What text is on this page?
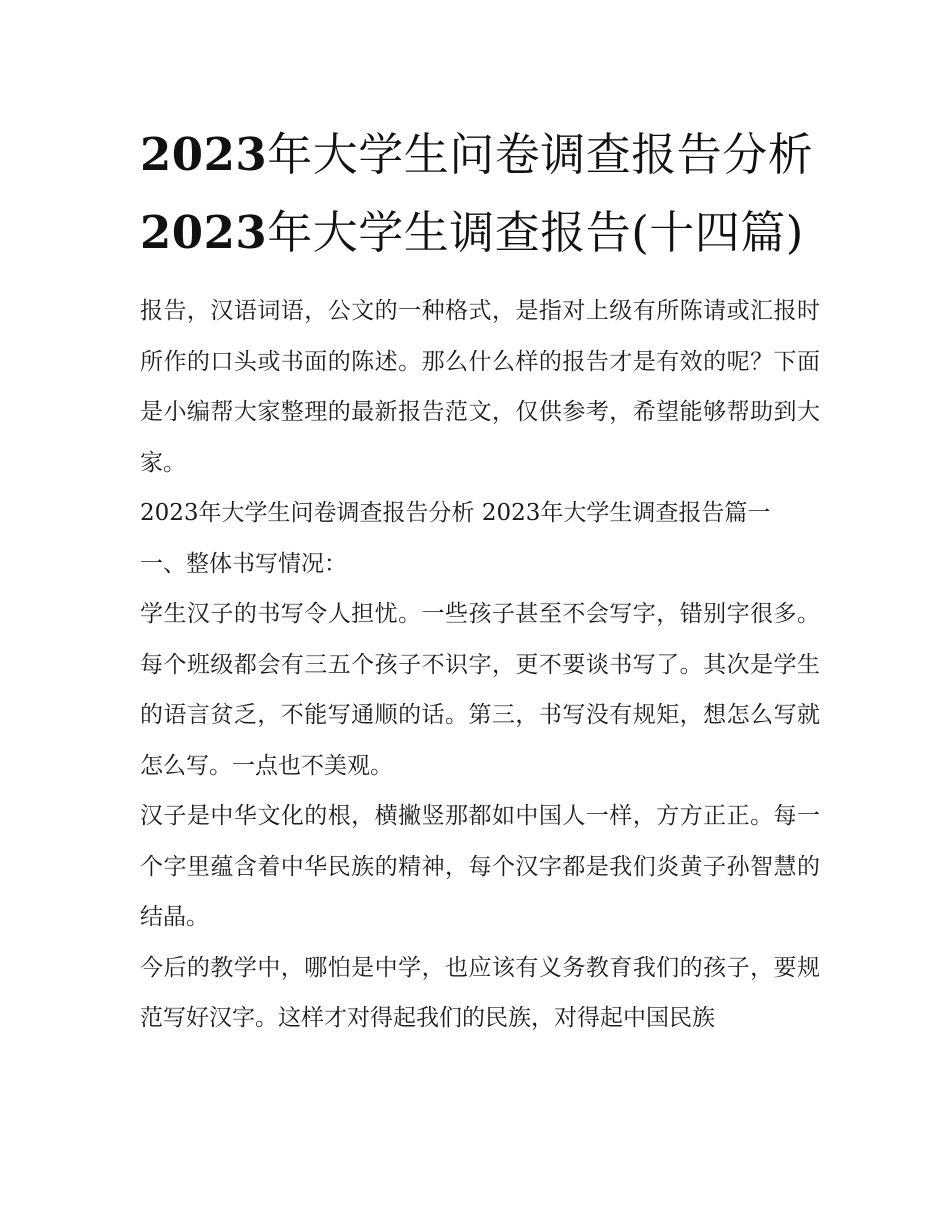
2023年大学生问卷调查报告分析 2023年大学生调查报告(十四篇)

报告，汉语词语，公文的一种格式，是指对上级有所陈请或汇报时所作的口头或书面的陈述。那么什么样的报告才是有效的呢？下面是小编帮大家整理的最新报告范文，仅供参考，希望能够帮助到大家。

2023年大学生问卷调查报告分析 2023年大学生调查报告篇一

一、整体书写情况：

学生汉子的书写令人担忧。一些孩子甚至不会写字，错别字很多。每个班级都会有三五个孩子不识字，更不要谈书写了。其次是学生的语言贫乏，不能写通顺的话。第三，书写没有规矩，想怎么写就怎么写。一点也不美观。

汉子是中华文化的根，横撇竖那都如中国人一样，方方正正。每一个字里蕴含着中华民族的精神，每个汉字都是我们炎黄子孙智慧的结晶。

今后的教学中，哪怕是中学，也应该有义务教育我们的孩子，要规范写好汉字。这样才对得起我们的民族，对得起中国民族
